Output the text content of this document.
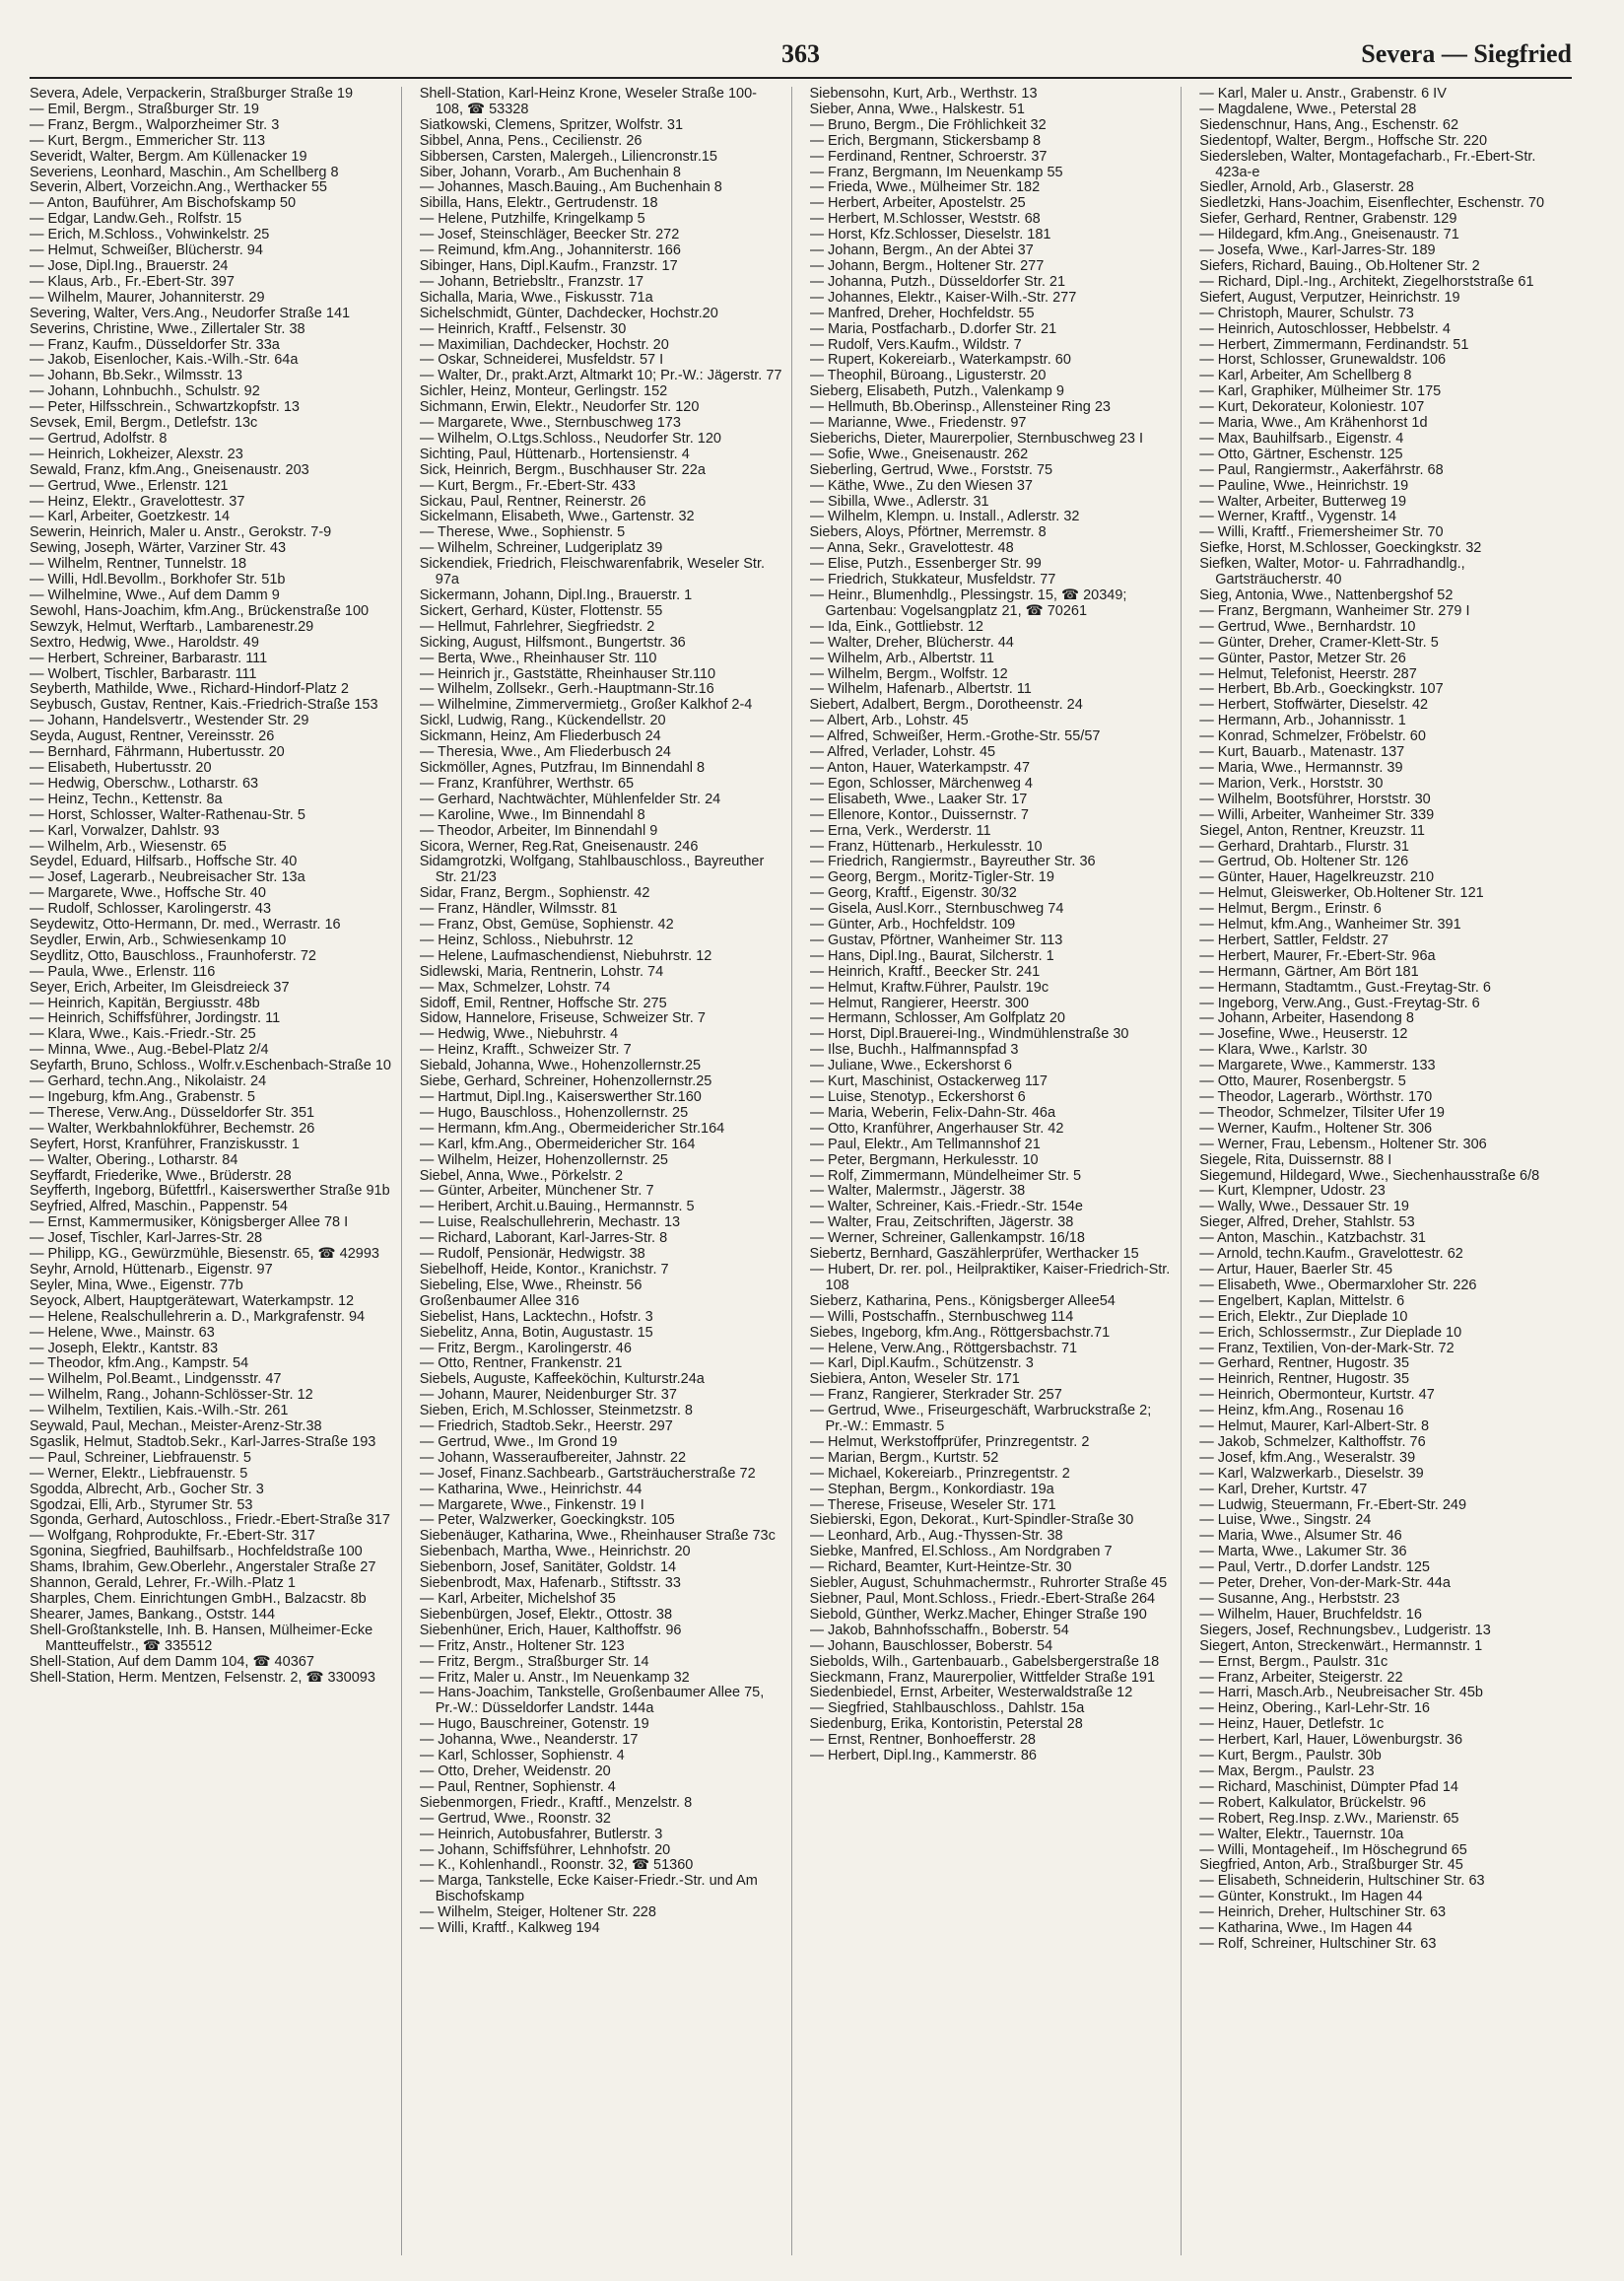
363	Severa — Siegfried

Severa, Adele, Verpackerin, Straßburger Straße 19

— Emil, Bergm., Straßburger Str. 19

— Franz, Bergm., Walporzheimer Str. 3

— Kurt, Bergm., Emmericher Str. 113

Severidt, Walter, Bergm. Am Küllenacker 19

Severiens, Leonhard, Maschin., Am Schellberg 8

Severin, Albert, Vorzeichn.Ang., Werthacker 55

— Anton, Bauführer, Am Bischofskamp 50

— Edgar, Landw.Geh., Rolfstr. 15

— Erich, M.Schloss., Vohwinkelstr. 25

— Helmut, Schweißer, Blücherstr. 94

— Jose, Dipl.Ing., Brauerstr. 24

— Klaus, Arb., Fr.-Ebert-Str. 397

— Wilhelm, Maurer, Johanniterstr. 29

Severing, Walter, Vers.Ang., Neudorfer Straße 141

Severins, Christine, Wwe., Zillertaler Str. 38

— Franz, Kaufm., Düsseldorfer Str. 33a

— Jakob, Eisenlocher, Kais.-Wilh.-Str. 64a

— Johann, Bb.Sekr., Wilmsstr. 13

— Johann, Lohnbuchh., Schulstr. 92

— Peter, Hilfsschrein., Schwartzkopfstr. 13

Sevsek, Emil, Bergm., Detlefstr. 13c

— Gertrud, Adolfstr. 8

— Heinrich, Lokheizer, Alexstr. 23

Sewald, Franz, kfm.Ang., Gneisenaustr. 203

— Gertrud, Wwe., Erlenstr. 121

— Heinz, Elektr., Gravelottestr. 37

— Karl, Arbeiter, Goetzkestr. 14

Sewerin, Heinrich, Maler u. Anstr., Gerokstr. 7-9

Sewing, Joseph, Wärter, Varziner Str. 43

— Wilhelm, Rentner, Tunnelstr. 18

— Willi, Hdl.Bevollm., Borkhofer Str. 51b

— Wilhelmine, Wwe., Auf dem Damm 9

Sewohl, Hans-Joachim, kfm.Ang., Brückenstraße 100

Sewzyk, Helmut, Werftarb., Lambarenestr.29

Sextro, Hedwig, Wwe., Haroldstr. 49

— Herbert, Schreiner, Barbarastr. 111

— Wolbert, Tischler, Barbarastr. 111

Seyberth, Mathilde, Wwe., Richard-Hindorf-Platz 2

Seybusch, Gustav, Rentner, Kais.-Friedrich-Straße 153

— Johann, Handelsvertr., Westender Str. 29

Seyda, August, Rentner, Vereinsstr. 26

— Bernhard, Fährmann, Hubertusstr. 20

— Elisabeth, Hubertusstr. 20

— Hedwig, Oberschw., Lotharstr. 63

— Heinz, Techn., Kettenstr. 8a

— Horst, Schlosser, Walter-Rathenau-Str. 5

— Karl, Vorwalzer, Dahlstr. 93

— Wilhelm, Arb., Wiesenstr. 65

Seydel, Eduard, Hilfsarb., Hoffsche Str. 40

— Josef, Lagerarb., Neubreisacher Str. 13a

— Margarete, Wwe., Hoffsche Str. 40

— Rudolf, Schlosser, Karolingerstr. 43

Seydewitz, Otto-Hermann, Dr. med., Werrastr. 16

Seydler, Erwin, Arb., Schwiesenkamp 10

Seydlitz, Otto, Bauschloss., Fraunhoferstr. 72

— Paula, Wwe., Erlenstr. 116

Seyer, Erich, Arbeiter, Im Gleisdreieck 37

— Heinrich, Kapitän, Bergiusstr. 48b

— Heinrich, Schiffsführer, Jordingstr. 11

— Klara, Wwe., Kais.-Friedr.-Str. 25

— Minna, Wwe., Aug.-Bebel-Platz 2/4

Seyfarth, Bruno, Schloss., Wolfr.v.Eschenbach-Straße 10

— Gerhard, techn.Ang., Nikolaistr. 24

— Ingeburg, kfm.Ang., Grabenstr. 5

— Therese, Verw.Ang., Düsseldorfer Str. 351

— Walter, Werkbahnlokführer, Bechemstr. 26

Seyfert, Horst, Kranführer, Franziskusstr. 1

— Walter, Obering., Lotharstr. 84

Seyffardt, Friederike, Wwe., Brüderstr. 28

Seyfferth, Ingeborg, Büfettfrl., Kaiserswerther Straße 91b

Seyfried, Alfred, Maschin., Pappenstr. 54

— Ernst, Kammermusiker, Königsberger Allee 78 I

— Josef, Tischler, Karl-Jarres-Str. 28

— Philipp, KG., Gewürzmühle, Biesenstr. 65, ☎ 42993

Seyhr, Arnold, Hüttenarb., Eigenstr. 97

Seyler, Mina, Wwe., Eigenstr. 77b

Seyock, Albert, Hauptgerätewart, Waterkampstr. 12

— Helene, Realschullehrerin a. D., Markgrafenstr. 94

— Helene, Wwe., Mainstr. 63

— Joseph, Elektr., Kantstr. 83

— Theodor, kfm.Ang., Kampstr. 54

— Wilhelm, Pol.Beamt., Lindgensstr. 47

— Wilhelm, Rang., Johann-Schlösser-Str. 12

— Wilhelm, Textilien, Kais.-Wilh.-Str. 261

Seywald, Paul, Mechan., Meister-Arenz-Str.38

Sgaslik, Helmut, Stadtob.Sekr., Karl-Jarres-Straße 193

— Paul, Schreiner, Liebfrauenstr. 5

— Werner, Elektr., Liebfrauenstr. 5

Sgodda, Albrecht, Arb., Gocher Str. 3

Sgodzai, Elli, Arb., Styrumer Str. 53

Sgonda, Gerhard, Autoschloss., Friedr.-Ebert-Straße 317

— Wolfgang, Rohprodukte, Fr.-Ebert-Str. 317

Sgonina, Siegfried, Bauhilfsarb., Hochfeldstraße 100

Shams, Ibrahim, Gew.Oberlehr., Angerstaler Straße 27

Shannon, Gerald, Lehrer, Fr.-Wilh.-Platz 1

Sharples, Chem. Einrichtungen GmbH., Balzacstr. 8b

Shearer, James, Bankang., Oststr. 144

Shell-Großtankstelle, Inh. B. Hansen, Mülheimer-Ecke Mantteuffelstr., ☎ 335512

Shell-Station, Auf dem Damm 104, ☎ 40367

Shell-Station, Herm. Mentzen, Felsenstr. 2, ☎ 330093

Shell-Station, Karl-Heinz Krone, Weseler Straße 100-108, ☎ 53328

Siatkowski, Clemens, Spritzer, Wolfstr. 31

Sibbel, Anna, Pens., Cecilienstr. 26

Sibbersen, Carsten, Malergeh., Liliencronstr.15

Siber, Johann, Vorarb., Am Buchenhain 8

— Johannes, Masch.Bauing., Am Buchenhain 8

Sibilla, Hans, Elektr., Gertrudenstr. 18

— Helene, Putzhilfe, Kringelkamp 5

— Josef, Steinschläger, Beecker Str. 272

— Reimund, kfm.Ang., Johanniterstr. 166

Sibinger, Hans, Dipl.Kaufm., Franzstr. 17

— Johann, Betriebsltr., Franzstr. 17

Sichalla, Maria, Wwe., Fiskusstr. 71a

Sichelschmidt, Günter, Dachdecker, Hochstr.20

— Heinrich, Kraftf., Felsenstr. 30

— Maximilian, Dachdecker, Hochstr. 20

— Oskar, Schneiderei, Musfeldstr. 57 I

— Walter, Dr., prakt.Arzt, Altmarkt 10; Pr.-W.: Jägerstr. 77

Sichler, Heinz, Monteur, Gerlingstr. 152

Sichmann, Erwin, Elektr., Neudorfer Str. 120

— Margarete, Wwe., Sternbuschweg 173

— Wilhelm, O.Ltgs.Schloss., Neudorfer Str. 120

Sichting, Paul, Hüttenarb., Hortensienstr. 4

Sick, Heinrich, Bergm., Buschhauser Str. 22a

— Kurt, Bergm., Fr.-Ebert-Str. 433

Sickau, Paul, Rentner, Reinerstr. 26

Sickelmann, Elisabeth, Wwe., Gartenstr. 32

— Therese, Wwe., Sophienstr. 5

— Wilhelm, Schreiner, Ludgeriplatz 39

Sickendiek, Friedrich, Fleischwarenfabrik, Weseler Str. 97a

Sickermann, Johann, Dipl.Ing., Brauerstr. 1

Sickert, Gerhard, Küster, Flottenstr. 55

— Hellmut, Fahrlehrer, Siegfriedstr. 2

Sicking, August, Hilfsmont., Bungertstr. 36

— Berta, Wwe., Rheinhauser Str. 110

— Heinrich jr., Gaststätte, Rheinhauser Str.110

— Wilhelm, Zollsekr., Gerh.-Hauptmann-Str.16

— Wilhelmine, Zimmervermietg., Großer Kalkhof 2-4

Sickl, Ludwig, Rang., Kückendellstr. 20

Sickmann, Heinz, Am Fliederbusch 24

— Theresia, Wwe., Am Fliederbusch 24

Sickmöller, Agnes, Putzfrau, Im Binnendahl 8

— Franz, Kranführer, Werthstr. 65

— Gerhard, Nachtwächter, Mühlenfelder Str. 24

— Karoline, Wwe., Im Binnendahl 8

— Theodor, Arbeiter, Im Binnendahl 9

Sicora, Werner, Reg.Rat, Gneisenaustr. 246

Sidamgrotzki, Wolfgang, Stahlbauschloss., Bayreuther Str. 21/23

Sidar, Franz, Bergm., Sophienstr. 42

— Franz, Händler, Wilmsstr. 81

— Franz, Obst, Gemüse, Sophienstr. 42

— Heinz, Schloss., Niebuhrstr. 12

— Helene, Laufmaschendienst, Niebuhrstr. 12

Sidlewski, Maria, Rentnerin, Lohstr. 74

— Max, Schmelzer, Lohstr. 74

Sidoff, Emil, Rentner, Hoffsche Str. 275

Sidow, Hannelore, Friseuse, Schweizer Str. 7

— Hedwig, Wwe., Niebuhrstr. 4

— Heinz, Krafft., Schweizer Str. 7

Siebald, Johanna, Wwe., Hohenzollernstr.25

Siebe, Gerhard, Schreiner, Hohenzollernstr.25

— Hartmut, Dipl.Ing., Kaiserswerther Str.160

— Hugo, Bauschloss., Hohenzollernstr. 25

— Hermann, kfm.Ang., Obermeidericher Str.164

— Karl, kfm.Ang., Obermeidericher Str. 164

— Wilhelm, Heizer, Hohenzollernstr. 25

Siebel, Anna, Wwe., Pörkelstr. 2

— Günter, Arbeiter, Münchener Str. 7

— Heribert, Archit.u.Bauing., Hermannstr. 5

— Luise, Realschullehrerin, Mechastr. 13

— Richard, Laborant, Karl-Jarres-Str. 8

— Rudolf, Pensionär, Hedwigstr. 38

Siebelhoff, Heide, Kontor., Kranichstr. 7

Siebeling, Else, Wwe., Rheinstr. 56

Großenbaumer Allee 316

Siebelist, Hans, Lacktechn., Hofstr. 3

Siebelitz, Anna, Botin, Augustastr. 15

— Fritz, Bergm., Karolingerstr. 46

— Otto, Rentner, Frankenstr. 21

Siebels, Auguste, Kaffeeköchin, Kulturstr.24a

— Johann, Maurer, Neidenburger Str. 37

Sieben, Erich, M.Schlosser, Steinmetzstr. 8

— Friedrich, Stadtob.Sekr., Heerstr. 297

— Gertrud, Wwe., Im Grond 19

— Johann, Wasseraufbereiter, Jahnstr. 22

— Josef, Finanz.Sachbearb., Gartsträucherstraße 72

— Katharina, Wwe., Heinrichstr. 44

— Margarete, Wwe., Finkenstr. 19 I

— Peter, Walzwerker, Goeckingkstr. 105

Siebenäuger, Katharina, Wwe., Rheinhauser Straße 73c

Siebenbach, Martha, Wwe., Heinrichstr. 20

Siebenborn, Josef, Sanitäter, Goldstr. 14

Siebenbrodt, Max, Hafenarb., Stiftsstr. 33

— Karl, Arbeiter, Michelshof 35

Siebenbürgen, Josef, Elektr., Ottostr. 38

Siebenhüner, Erich, Hauer, Kalthoffstr. 96

— Fritz, Anstr., Holtener Str. 123

— Fritz, Bergm., Straßburger Str. 14

— Fritz, Maler u. Anstr., Im Neuenkamp 32

— Hans-Joachim, Tankstelle, Großenbaumer Allee 75, Pr.-W.: Düsseldorfer Landstr. 144a

— Hugo, Bauschreiner, Gotenstr. 19

— Johanna, Wwe., Neanderstr. 17

— Karl, Schlosser, Sophienstr. 4

— Otto, Dreher, Weidenstr. 20

— Paul, Rentner, Sophienstr. 4

Siebenmorgen, Friedr., Kraftf., Menzelstr. 8

— Gertrud, Wwe., Roonstr. 32

— Heinrich, Autobusfahrer, Butlerstr. 3

— Johann, Schiffsführer, Lehnhofstr. 20

— K., Kohlenhandl., Roonstr. 32, ☎ 51360

— Marga, Tankstelle, Ecke Kaiser-Friedr.-Str. und Am Bischofskamp

— Wilhelm, Steiger, Holtener Str. 228

— Willi, Kraftf., Kalkweg 194

Siebensohn, Kurt, Arb., Werthstr. 13

Sieber, Anna, Wwe., Halskestr. 51

— Bruno, Bergm., Die Fröhlichkeit 32

— Erich, Bergmann, Stickersbamp 8

— Ferdinand, Rentner, Schroerstr. 37

— Franz, Bergmann, Im Neuenkamp 55

— Frieda, Wwe., Mülheimer Str. 182

— Herbert, Arbeiter, Apostelstr. 25

— Herbert, M.Schlosser, Weststr. 68

— Horst, Kfz.Schlosser, Dieselstr. 181

— Johann, Bergm., An der Abtei 37

— Johann, Bergm., Holtener Str. 277

— Johanna, Putzh., Düsseldorfer Str. 21

— Johannes, Elektr., Kaiser-Wilh.-Str. 277

— Manfred, Dreher, Hochfeldstr. 55

— Maria, Postfacharb., D.dorfer Str. 21

— Rudolf, Vers.Kaufm., Wildstr. 7

— Rupert, Kokereiarb., Waterkampstr. 60

— Theophil, Büroang., Ligusterstr. 20

Sieberg, Elisabeth, Putzh., Valenkamp 9

— Hellmuth, Bb.Oberinsp., Allensteiner Ring 23

— Marianne, Wwe., Friedenstr. 97

Sieberichs, Dieter, Maurerpolier, Sternbuschweg 23 I

— Sofie, Wwe., Gneisenaustr. 262

Sieberling, Gertrud, Wwe., Forststr. 75

— Käthe, Wwe., Zu den Wiesen 37

— Sibilla, Wwe., Adlerstr. 31

— Wilhelm, Klempn. u. Install., Adlerstr. 32

Siebers, Aloys, Pförtner, Merremstr. 8

— Anna, Sekr., Gravelottestr. 48

— Elise, Putzh., Essenberger Str. 99

— Friedrich, Stukkateur, Musfeldstr. 77

— Heinr., Blumenhdlg., Plessingstr. 15, ☎ 20349; Gartenbau: Vogelsangplatz 21, ☎ 70261

— Ida, Eink., Gottliebstr. 12

— Walter, Dreher, Blücherstr. 44

— Wilhelm, Arb., Albertstr. 11

— Wilhelm, Bergm., Wolfstr. 12

— Wilhelm, Hafenarb., Albertstr. 11

Siebert, Adalbert, Bergm., Dorotheenstr. 24

— Albert, Arb., Lohstr. 45

— Alfred, Schweißer, Herm.-Grothe-Str. 55/57

— Alfred, Verlader, Lohstr. 45

— Anton, Hauer, Waterkampstr. 47

— Egon, Schlosser, Märchenweg 4

— Elisabeth, Wwe., Laaker Str. 17

— Ellenore, Kontor., Duissernstr. 7

— Erna, Verk., Werderstr. 11

— Franz, Hüttenarb., Herkulesstr. 10

— Friedrich, Rangiermstr., Bayreuther Str. 36

— Georg, Bergm., Moritz-Tigler-Str. 19

— Georg, Kraftf., Eigenstr. 30/32

— Gisela, Ausl.Korr., Sternbuschweg 74

— Günter, Arb., Hochfeldstr. 109

— Gustav, Pförtner, Wanheimer Str. 113

— Hans, Dipl.Ing., Baurat, Silcherstr. 1

— Heinrich, Kraftf., Beecker Str. 241

— Helmut, Kraftw.Führer, Paulstr. 19c

— Helmut, Rangierer, Heerstr. 300

— Hermann, Schlosser, Am Golfplatz 20

— Horst, Dipl.Brauerei-Ing., Windmühlenstraße 30

— Ilse, Buchh., Halfmannspfad 3

— Juliane, Wwe., Eckershorst 6

— Kurt, Maschinist, Ostackerweg 117

— Luise, Stenotyp., Eckershorst 6

— Maria, Weberin, Felix-Dahn-Str. 46a

— Otto, Kranführer, Angerhauser Str. 42

— Paul, Elektr., Am Tellmannshof 21

— Peter, Bergmann, Herkulesstr. 10

— Rolf, Zimmermann, Mündelheimer Str. 5

— Walter, Malermstr., Jägerstr. 38

— Walter, Schreiner, Kais.-Friedr.-Str. 154e

— Walter, Frau, Zeitschriften, Jägerstr. 38

— Werner, Schreiner, Gallenkampstr. 16/18

Siebertz, Bernhard, Gaszählerprüfer, Werthacker 15

— Hubert, Dr. rer. pol., Heilpraktiker, Kaiser-Friedrich-Str. 108

Sieberz, Katharina, Pens., Königsberger Allee54

— Willi, Postschaffn., Sternbuschweg 114

Siebes, Ingeborg, kfm.Ang., Röttgersbachstr.71

— Helene, Verw.Ang., Röttgersbachstr. 71

— Karl, Dipl.Kaufm., Schützenstr. 3

Siebiera, Anton, Weseler Str. 171

— Franz, Rangierer, Sterkrader Str. 257

— Gertrud, Wwe., Friseurgeschäft, Warbruckstraße 2; Pr.-W.: Emmastr. 5

— Helmut, Werkstoffprüfer, Prinzregentstr. 2

— Marian, Bergm., Kurtstr. 52

— Michael, Kokereiarb., Prinzregentstr. 2

— Stephan, Bergm., Konkordiastr. 19a

— Therese, Friseuse, Weseler Str. 171

Siebierski, Egon, Dekorat., Kurt-Spindler-Straße 30

— Leonhard, Arb., Aug.-Thyssen-Str. 38

Siebke, Manfred, El.Schloss., Am Nordgraben 7

— Richard, Beamter, Kurt-Heintze-Str. 30

Siebler, August, Schuhmachermstr., Ruhrorter Straße 45

Siebner, Paul, Mont.Schloss., Friedr.-Ebert-Straße 264

Siebold, Günther, Werkz.Macher, Ehinger Straße 190

— Jakob, Bahnhofsschaffn., Boberstr. 54

— Johann, Bauschlosser, Boberstr. 54

Siebolds, Wilh., Gartenbauarb., Gabelsbergerstraße 18

Sieckmann, Franz, Maurerpolier, Wittfelder Straße 191

Siedenbiedel, Ernst, Arbeiter, Westerwaldstraße 12

— Siegfried, Stahlbauschloss., Dahlstr. 15a

Siedenburg, Erika, Kontoristin, Peterstal 28

— Ernst, Rentner, Bonhoefferstr. 28

— Herbert, Dipl.Ing., Kammerstr. 86

— Karl, Maler u. Anstr., Grabenstr. 6 IV

— Magdalene, Wwe., Peterstal 28

Siedenschnur, Hans, Ang., Eschenstr. 62

Siedentopf, Walter, Bergm., Hoffsche Str. 220

Siedersleben, Walter, Montagefacharb., Fr.-Ebert-Str. 423a-e

Siedler, Arnold, Arb., Glaserstr. 28

Siedletzki, Hans-Joachim, Eisenflechter, Eschenstr. 70

Siefer, Gerhard, Rentner, Grabenstr. 129

— Hildegard, kfm.Ang., Gneisenaustr. 71

— Josefa, Wwe., Karl-Jarres-Str. 189

Siefers, Richard, Bauing., Ob.Holtener Str. 2

— Richard, Dipl.-Ing., Architekt, Ziegelhorststraße 61

Siefert, August, Verputzer, Heinrichstr. 19

— Christoph, Maurer, Schulstr. 73

— Heinrich, Autoschlosser, Hebbelstr. 4

— Herbert, Zimmermann, Ferdinandstr. 51

— Horst, Schlosser, Grunewaldstr. 106

— Karl, Arbeiter, Am Schellberg 8

— Karl, Graphiker, Mülheimer Str. 175

— Kurt, Dekorateur, Koloniestr. 107

— Maria, Wwe., Am Krähenhorst 1d

— Max, Bauhilfsarb., Eigenstr. 4

— Otto, Gärtner, Eschenstr. 125

— Paul, Rangiermstr., Aakerfährstr. 68

— Pauline, Wwe., Heinrichstr. 19

— Walter, Arbeiter, Butterweg 19

— Werner, Kraftf., Vygenstr. 14

— Willi, Kraftf., Friemersheimer Str. 70

Siefke, Horst, M.Schlosser, Goeckingkstr. 32

Siefken, Walter, Motor- u. Fahrradhandlg., Gartsträucherstr. 40

Sieg, Antonia, Wwe., Nattenbergshof 52

— Franz, Bergmann, Wanheimer Str. 279 I

— Gertrud, Wwe., Bernhardstr. 10

— Günter, Dreher, Cramer-Klett-Str. 5

— Günter, Pastor, Metzer Str. 26

— Helmut, Telefonist, Heerstr. 287

— Herbert, Bb.Arb., Goeckingkstr. 107

— Herbert, Stoffwärter, Dieselstr. 42

— Hermann, Arb., Johannisstr. 1

— Konrad, Schmelzer, Fröbelstr. 60

— Kurt, Bauarb., Matenastr. 137

— Maria, Wwe., Hermannstr. 39

— Marion, Verk., Horststr. 30

— Wilhelm, Bootsführer, Horststr. 30

— Willi, Arbeiter, Wanheimer Str. 339

Siegel, Anton, Rentner, Kreuzstr. 11

— Gerhard, Drahtarb., Flurstr. 31

— Gertrud, Ob. Holtener Str. 126

— Günter, Hauer, Hagelkreuzstr. 210

— Helmut, Gleiswerker, Ob.Holtener Str. 121

— Helmut, Bergm., Erinstr. 6

— Helmut, kfm.Ang., Wanheimer Str. 391

— Herbert, Sattler, Feldstr. 27

— Herbert, Maurer, Fr.-Ebert-Str. 96a

— Hermann, Gärtner, Am Bört 181

— Hermann, Stadtamtm., Gust.-Freytag-Str. 6

— Ingeborg, Verw.Ang., Gust.-Freytag-Str. 6

— Johann, Arbeiter, Hasendong 8

— Josefine, Wwe., Heuserstr. 12

— Klara, Wwe., Karlstr. 30

— Margarete, Wwe., Kammerstr. 133

— Otto, Maurer, Rosenbergstr. 5

— Theodor, Lagerarb., Wörthstr. 170

— Theodor, Schmelzer, Tilsiter Ufer 19

— Werner, Kaufm., Holtener Str. 306

— Werner, Frau, Lebensm., Holtener Str. 306

Siegele, Rita, Duissernstr. 88 I

Siegemund, Hildegard, Wwe., Siechenhausstraße 6/8

— Kurt, Klempner, Udostr. 23

— Wally, Wwe., Dessauer Str. 19

Sieger, Alfred, Dreher, Stahlstr. 53

— Anton, Maschin., Katzbachstr. 31

— Arnold, techn.Kaufm., Gravelottestr. 62

— Artur, Hauer, Baerler Str. 45

— Elisabeth, Wwe., Obermarxloher Str. 226

— Engelbert, Kaplan, Mittelstr. 6

— Erich, Elektr., Zur Dieplade 10

— Erich, Schlossermstr., Zur Dieplade 10

— Franz, Textilien, Von-der-Mark-Str. 72

— Gerhard, Rentner, Hugostr. 35

— Heinrich, Rentner, Hugostr. 35

— Heinrich, Obermonteur, Kurtstr. 47

— Heinz, kfm.Ang., Rosenau 16

— Helmut, Maurer, Karl-Albert-Str. 8

— Jakob, Schmelzer, Kalthoffstr. 76

— Josef, kfm.Ang., Weseralstr. 39

— Karl, Walzwerkarb., Dieselstr. 39

— Karl, Dreher, Kurtstr. 47

— Ludwig, Steuermann, Fr.-Ebert-Str. 249

— Luise, Wwe., Singstr. 24

— Maria, Wwe., Alsumer Str. 46

— Marta, Wwe., Lakumer Str. 36

— Paul, Vertr., D.dorfer Landstr. 125

— Peter, Dreher, Von-der-Mark-Str. 44a

— Susanne, Ang., Herbststr. 23

— Wilhelm, Hauer, Bruchfeldstr. 16

Siegers, Josef, Rechnungsbev., Ludgeristr. 13

Siegert, Anton, Streckenwärt., Hermannstr. 1

— Ernst, Bergm., Paulstr. 31c

— Franz, Arbeiter, Steigerstr. 22

— Harri, Masch.Arb., Neubreisacher Str. 45b

— Heinz, Obering., Karl-Lehr-Str. 16

— Heinz, Hauer, Detlefstr. 1c

— Herbert, Karl, Hauer, Löwenburgstr. 36

— Kurt, Bergm., Paulstr. 30b

— Max, Bergm., Paulstr. 23

— Richard, Maschinist, Dümpter Pfad 14

— Robert, Kalkulator, Brückelstr. 96

— Robert, Reg.Insp. z.Wv., Marienstr. 65

— Walter, Elektr., Tauernstr. 10a

— Willi, Montageheif., Im Höschegrund 65

Siegfried, Anton, Arb., Straßburger Str. 45

— Elisabeth, Schneiderin, Hultschiner Str. 63

— Günter, Konstrukt., Im Hagen 44

— Heinrich, Dreher, Hultschiner Str. 63

— Katharina, Wwe., Im Hagen 44

— Rolf, Schreiner, Hultschiner Str. 63
